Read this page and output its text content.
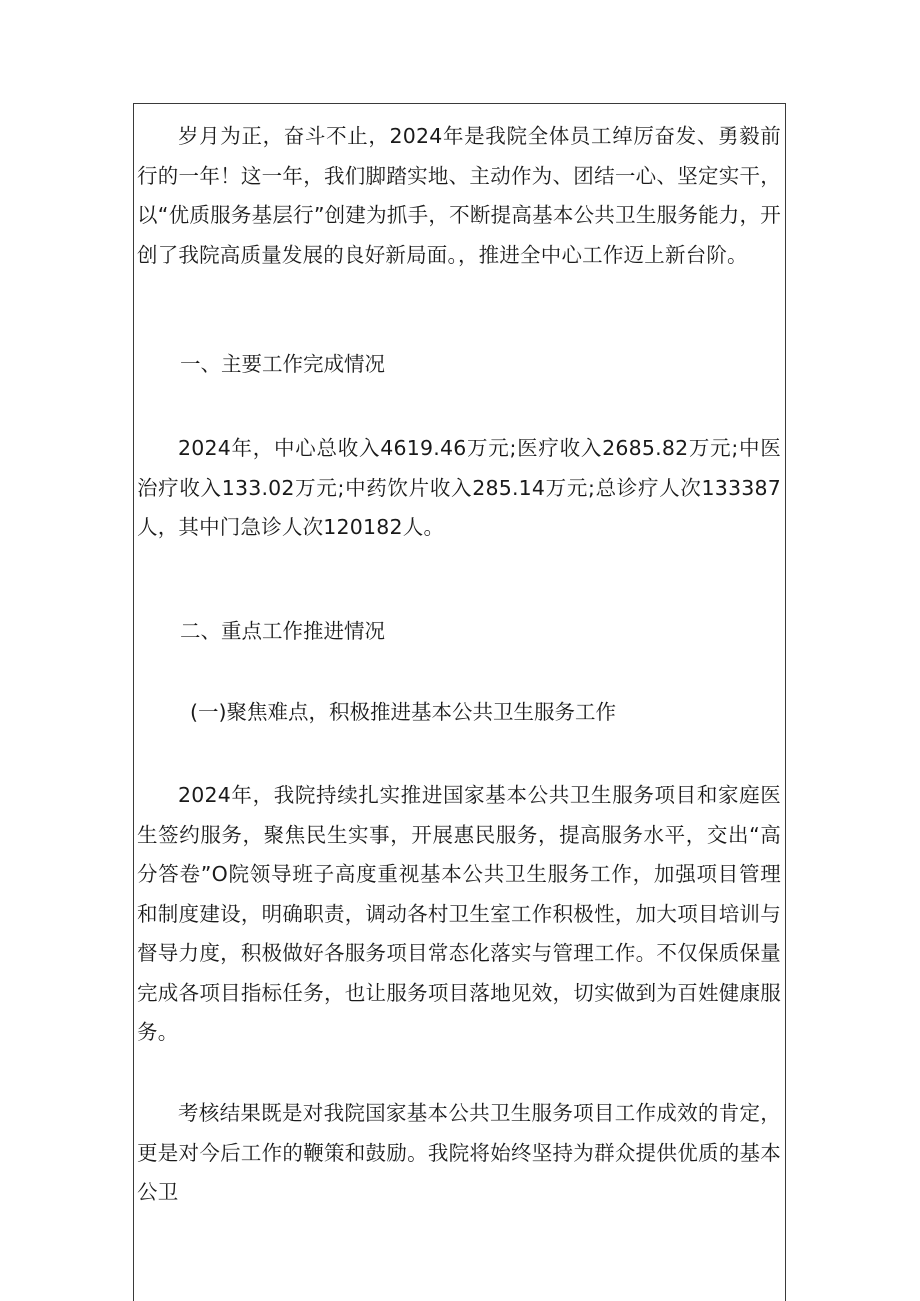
岁月为正，奋斗不止，2024年是我院全体员工绰厉奋发、勇毅前行的一年！这一年，我们脚踏实地、主动作为、团结一心、坚定实干，以“优质服务基层行”创建为抓手，不断提高基本公共卫生服务能力，开创了我院高质量发展的良好新局面。，推进全中心工作迈上新台阶。

一、主要工作完成情况

2024年，中心总收入4619.46万元;医疗收入2685.82万元;中医治疗收入133.02万元;中药饮片收入285.14万元;总诊疗人次133387人，其中门急诊人次120182人。

二、重点工作推进情况

(一)聚焦难点，积极推进基本公共卫生服务工作

2024年，我院持续扎实推进国家基本公共卫生服务项目和家庭医生签约服务，聚焦民生实事，开展惠民服务，提高服务水平，交出“高分答卷”O院领导班子高度重视基本公共卫生服务工作，加强项目管理和制度建设，明确职责，调动各村卫生室工作积极性，加大项目培训与督导力度，积极做好各服务项目常态化落实与管理工作。不仅保质保量完成各项目指标任务，也让服务项目落地见效，切实做到为百姓健康服务。

考核结果既是对我院国家基本公共卫生服务项目工作成效的肯定，更是对今后工作的鞭策和鼓励。我院将始终坚持为群众提供优质的基本公卫
